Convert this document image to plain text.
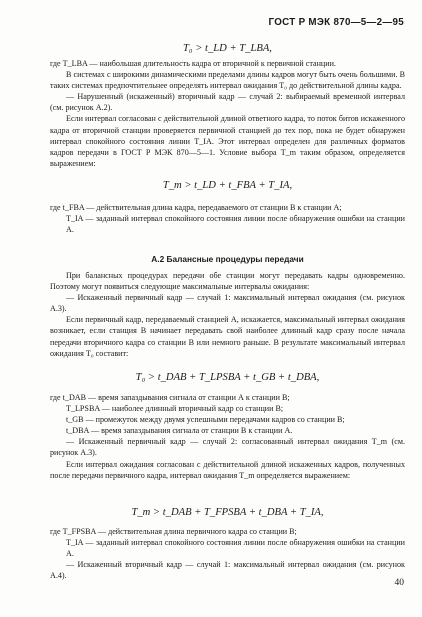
ГОСТ Р МЭК 870—5—2—95
T₀ > t_LD + T_LBA,

где T_LBA — наибольшая длительность кадра от вторичной к первичной станции.

В системах с широкими динамическими пределами длины кадров могут быть очень большими. В таких системах предпочтительнее определять интервал ожидания T₀ до действительной длины кадра.

— Нарушенный (искаженный) вторичный кадр — случай 2: выбираемый временной интервал (см. рисунок А.2).

Если интервал согласован с действительной длиной ответного кадра, то поток битов искаженного кадра от вторичной станции проверяется первичной станцией до тех пор, пока не будет обнаружен интервал спокойного состояния линии T_IA. Этот интервал определен для различных форматов кадров передачи в ГОСТ Р МЭК 870—5—1. Условие выбора T_m таким образом, определяется выражением:

T_m > t_LD + t_FBA + T_IA,

где t_FBA — действительная длина кадра, передаваемого от станции В к станции А;

T_IA — заданный интервал спокойного состояния линии после обнаружения ошибки на станции А.

А.2 Балансные процедуры передачи

При балансных процедурах передачи обе станции могут передавать кадры одновременно. Поэтому могут появиться следующие максимальные интервалы ожидания:

— Искаженный первичный кадр — случай 1: максимальный интервал ожидания (см. рисунок А.3).

Если первичный кадр, передаваемый станцией А, искажается, максимальный интервал ожидания возникает, если станция В начинает передавать свой наиболее длинный кадр сразу после начала передачи вторичного кадра со станции В или немного раньше. В результате максимальный интервал ожидания T₀ составит:

T₀ > t_DAB + T_LPSBA + t_GB + t_DBA,

где t_DAB — время запаздывания сигнала от станции А к станции В;

T_LPSBA — наиболее длинный вторичный кадр со станции В;

t_GB — промежуток между двумя успешными передачами кадров со станции В;

t_DBA — время запаздывания сигнала от станции В к станции А.

— Искаженный первичный кадр — случай 2: согласованный интервал ожидания T_m (см. рисунок А.3).

Если интервал ожидания согласован с действительной длиной искаженных кадров, полученных после передачи первичного кадра, интервал ожидания T_m определяется выражением:

T_m > t_DAB + T_FPSBA + t_DBA + T_IA,

где T_FPSBA — действительная длина первичного кадра со станции В;

T_IA — заданный интервал спокойного состояния линии после обнаружения ошибки на станции А.

— Искаженный вторичный кадр — случай 1: максимальный интервал ожидания (см. рисунок А.4).

40
